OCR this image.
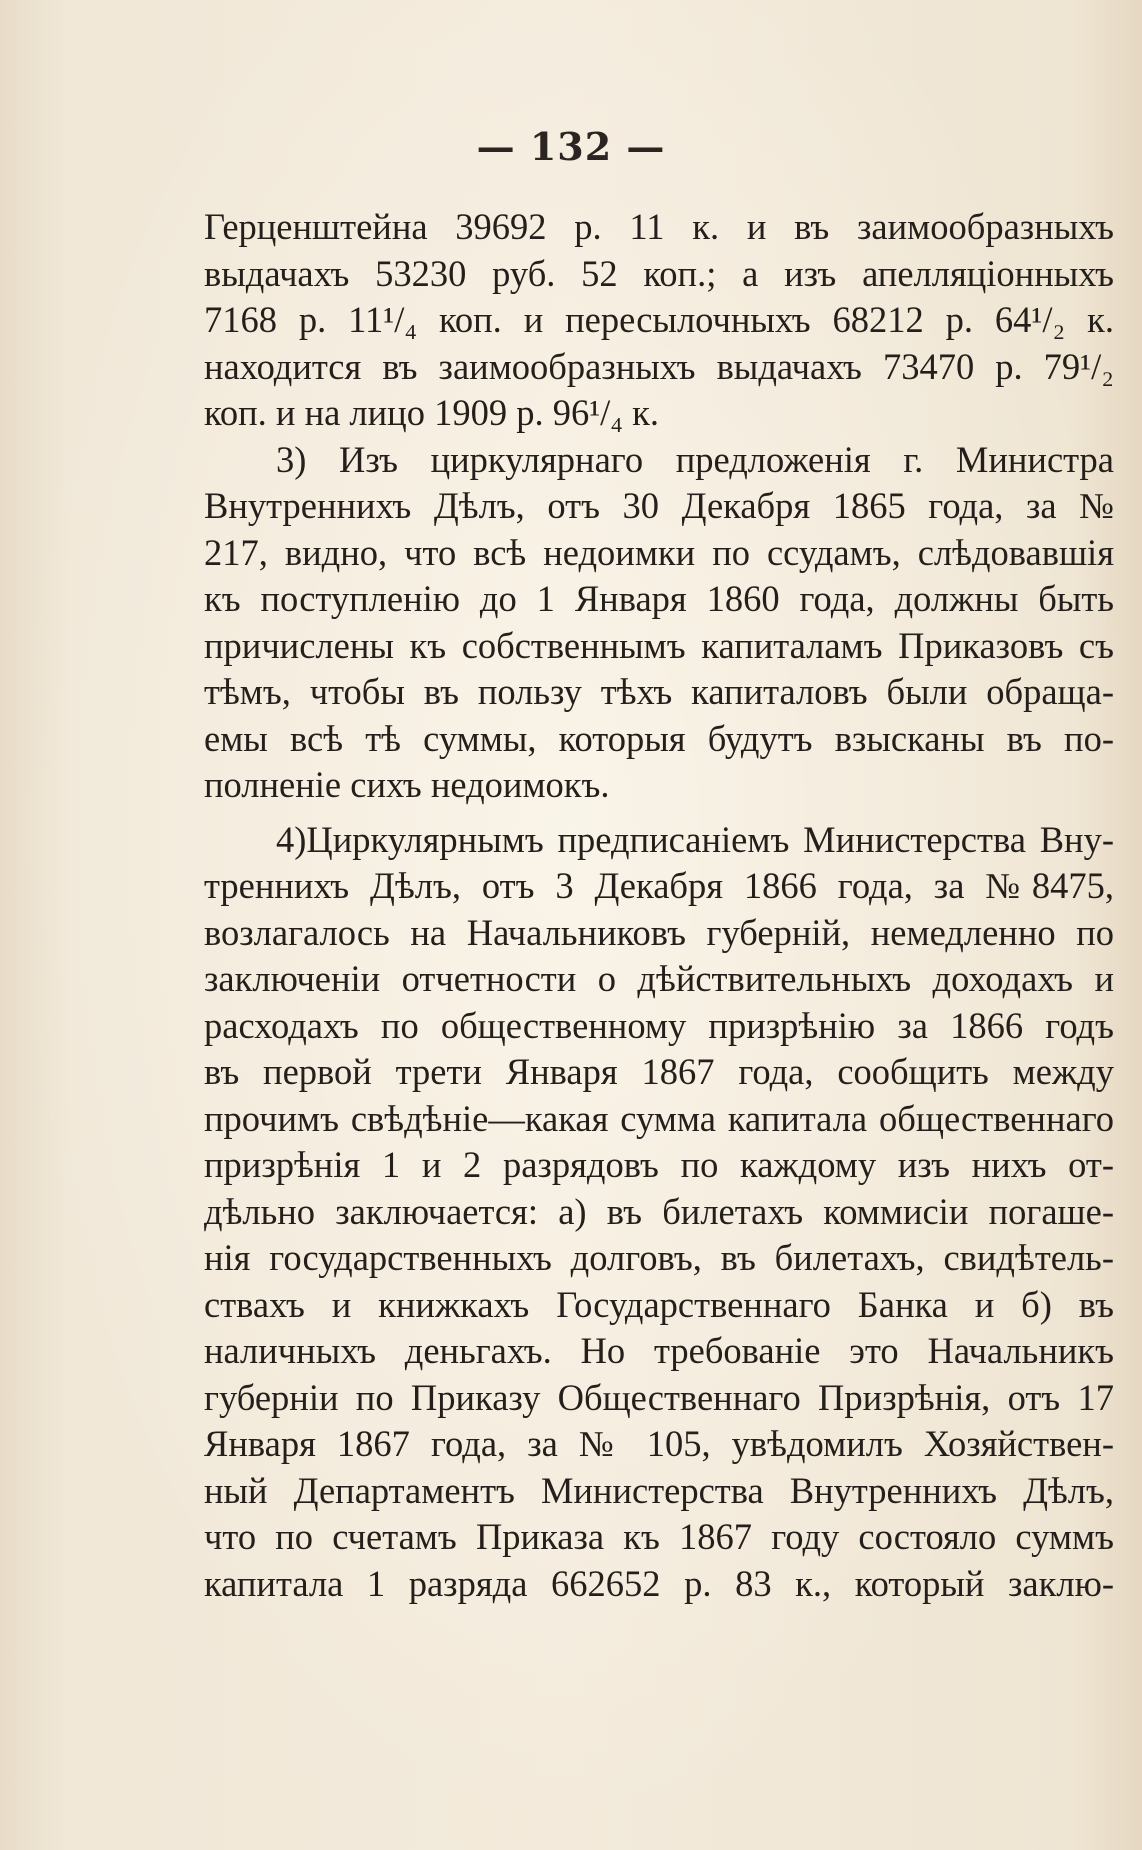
— 132 —
Герценштейна 39692 р. 11 к. и въ заимообразныхъ
выдачахъ 53230 руб. 52 коп.; а изъ апелляціонныхъ
7168 р. 11¹/₄ коп. и пересылочныхъ 68212 р. 64¹/₂ к.
находится въ заимообразныхъ выдачахъ 73470 р. 79¹/₂
коп. и на лицо 1909 р. 96¹/₄ к.
3) Изъ циркулярнаго предложенія г. Министра
Внутреннихъ Дѣлъ, отъ 30 Декабря 1865 года, за №
217, видно, что всѣ недоимки по ссудамъ, слѣдовавшія
къ поступленію до 1 Января 1860 года, должны быть
причислены къ собственнымъ капиталамъ Приказовъ съ
тѣмъ, чтобы въ пользу тѣхъ капиталовъ были обраща-
емы всѣ тѣ суммы, которыя будутъ взысканы въ по-
полненіе сихъ недоимокъ.
4)Циркулярнымъ предписаніемъ Министерства Вну-
треннихъ Дѣлъ, отъ 3 Декабря 1866 года, за №8475,
возлагалось на Начальниковъ губерній, немедленно по
заключеніи отчетности о дѣйствительныхъ доходахъ и
расходахъ по общественному призрѣнію за 1866 годъ
въ первой трети Января 1867 года, сообщить между
прочимъ свѣдѣніе—какая сумма капитала общественнаго
призрѣнія 1 и 2 разрядовъ по каждому изъ нихъ от-
дѣльно заключается: а) въ билетахъ коммисіи погаше-
нія государственныхъ долговъ, въ билетахъ, свидѣтель-
ствахъ и книжкахъ Государственнаго Банка и б) въ
наличныхъ деньгахъ. Но требованіе это Начальникъ
губерніи по Приказу Общественнаго Призрѣнія, отъ 17
Января 1867 года, за № 105, увѣдомилъ Хозяйствен-
ный Департаментъ Министерства Внутреннихъ Дѣлъ,
что по счетамъ Приказа къ 1867 году состояло суммъ
капитала 1 разряда 662652 р. 83 к., который заклю-
